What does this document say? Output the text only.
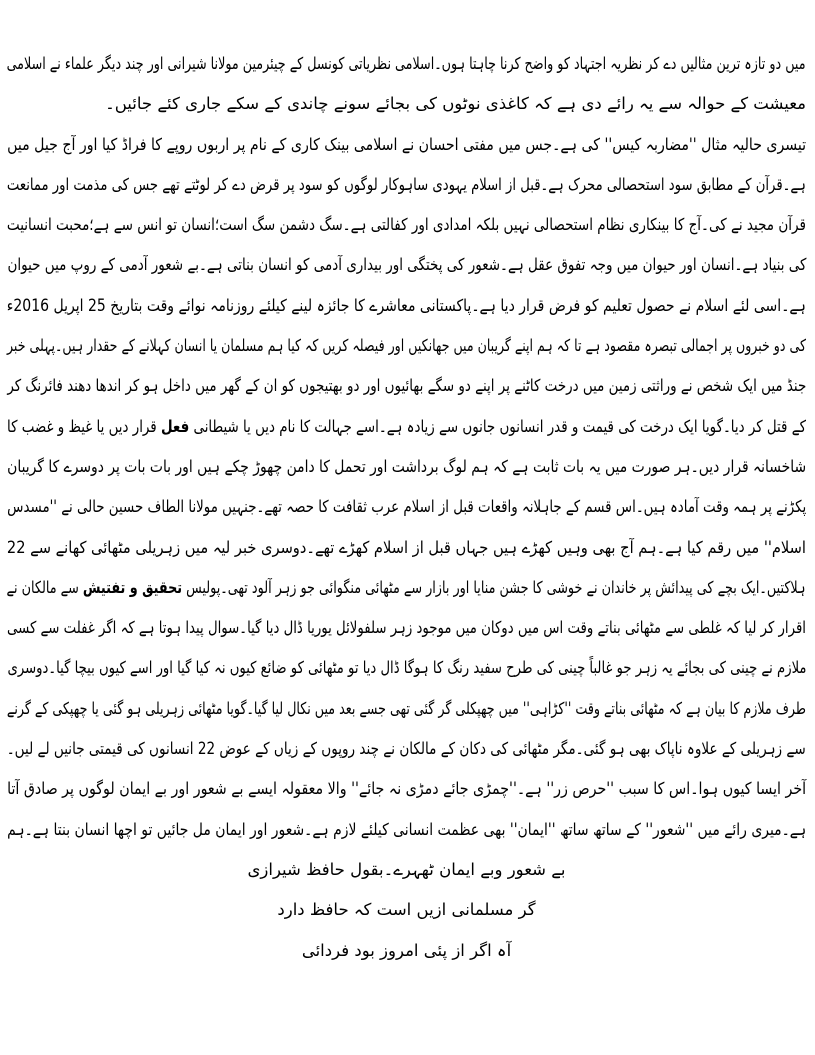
میں دو تازہ ترین مثالیں دے کر نظریہ اجتہاد کو واضح کرنا چاہتا ہوں۔اسلامی نظریاتی کونسل کے چیئرمین مولانا شیرانی اور چند دیگر علماء نے اسلامی
معیشت کے حوالہ سے یہ رائے دی ہے کہ کاغذی نوٹوں کی بجائے سونے چاندی کے سکے جاری کئے جائیں۔
تیسری حالیہ مثال ''مضاربہ کیس'' کی ہے۔جس میں مفتی احسان نے اسلامی بینک کاری کے نام پر اربوں روپے کا فراڈ کیا اور آج جیل میں
ہے۔قرآن کے مطابق سود استحصالی محرک ہے۔قبل از اسلام یہودی ساہوکار لوگوں کو سود پر قرض دے کر لوٹتے تھے جس کی مذمت اور ممانعت
قرآن مجید نے کی۔آج کا بینکاری نظام استحصالی نہیں بلکہ امدادی اور کفالتی ہے۔سگ دشمن سگ است؛انسان تو انس سے ہے؛محبت انسانیت
کی بنیاد ہے۔انسان اور حیوان میں وجہ تفوق عقل ہے۔شعور کی پختگی اور بیداری آدمی کو انسان بناتی ہے۔بے شعور آدمی کے روپ میں حیوان
ہے۔اسی لئے اسلام نے حصول تعلیم کو فرض قرار دیا ہے۔پاکستانی معاشرے کا جائزہ لینے کیلئے روزنامہ نوائے وقت بتاریخ 25 اپریل 2016ء
کی دو خبروں پر اجمالی تبصرہ مقصود ہے تا کہ ہم اپنے گریبان میں جھانکیں اور فیصلہ کریں کہ کیا ہم مسلمان یا انسان کہلانے کے حقدار ہیں۔پہلی خبر
جنڈ میں ایک شخص نے وراثتی زمین میں درخت کاٹنے پر اپنے دو سگے بھائیوں اور دو بھتیجوں کو ان کے گھر میں داخل ہو کر اندھا دھند فائرنگ کر
کے قتل کر دیا۔گویا ایک درخت کی قیمت و قدر انسانوں جانوں سے زیادہ ہے۔اسے جہالت کا نام دیں یا شیطانی فعل قرار دیں یا غیظ و غضب کا
شاخسانہ قرار دیں۔ہر صورت میں یہ بات ثابت ہے کہ ہم لوگ برداشت اور تحمل کا دامن چھوڑ چکے ہیں اور بات بات پر دوسرے کا گریبان
پکڑنے پر ہمہ وقت آمادہ ہیں۔اس قسم کے جاہلانہ واقعات قبل از اسلام عرب ثقافت کا حصہ تھے۔جنہیں مولانا الطاف حسین حالی نے ''مسدس
اسلام'' میں رقم کیا ہے۔ہم آج بھی وہیں کھڑے ہیں جہاں قبل از اسلام کھڑے تھے۔دوسری خبر لیہ میں زہریلی مٹھائی کھانے سے 22
ہلاکتیں۔ایک بچے کی پیدائش پر خاندان نے خوشی کا جشن منایا اور بازار سے مٹھائی منگوائی جو زہر آلود تھی۔پولیس تحقیق و تفتیش سے مالکان نے
اقرار کر لیا کہ غلطی سے مٹھائی بناتے وقت اس میں دوکان میں موجود زہر سلفولائل یوریا ڈال دیا گیا۔سوال پیدا ہوتا ہے کہ اگر غفلت سے کسی
ملازم نے چینی کی بجائے یہ زہر جو غالباً چینی کی طرح سفید رنگ کا ہوگا ڈال دیا تو مٹھائی کو ضائع کیوں نہ کیا گیا اور اسے کیوں بیچا گیا۔دوسری
طرف ملازم کا بیان ہے کہ مٹھائی بناتے وقت ''کڑاہی'' میں چھپکلی گر گئی تھی جسے بعد میں نکال لیا گیا۔گویا مٹھائی زہریلی ہو گئی یا چھپکی کے گرنے
سے زہریلی کے علاوہ ناپاک بھی ہو گئی۔مگر مٹھائی کی دکان کے مالکان نے چند روپوں کے زیاں کے عوض 22 انسانوں کی قیمتی جانیں لے لیں۔
آخر ایسا کیوں ہوا۔اس کا سبب ''حرص زر'' ہے۔''چمڑی جائے دمڑی نہ جائے'' والا معقولہ ایسے بے شعور اور بے ایمان لوگوں پر صادق آتا
ہے۔میری رائے میں ''شعور'' کے ساتھ ساتھ ''ایمان'' بھی عظمت انسانی کیلئے لازم ہے۔شعور اور ایمان مل جائیں تو اچھا انسان بنتا ہے۔ہم
بے شعور وبے ایمان ٹھہرے۔بقول حافظ شیرازی
گر مسلمانی ازیں است کہ حافظ دارد
آہ اگر از پئی امروز بود فردائی
